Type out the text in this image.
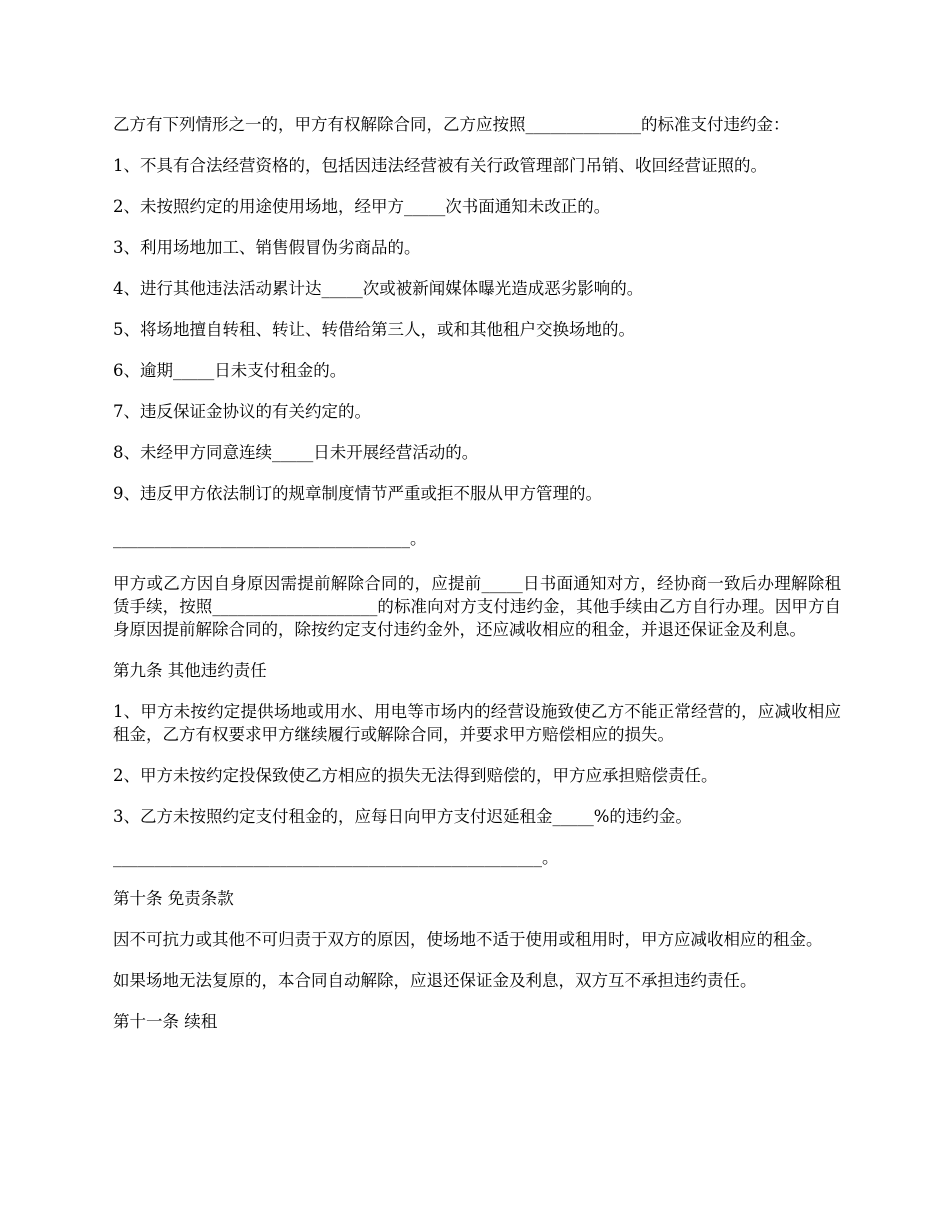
乙方有下列情形之一的，甲方有权解除合同，乙方应按照______________的标准支付违约金：

1、不具有合法经营资格的，包括因违法经营被有关行政管理部门吊销、收回经营证照的。

2、未按照约定的用途使用场地，经甲方_____次书面通知未改正的。

3、利用场地加工、销售假冒伪劣商品的。

4、进行其他违法活动累计达_____次或被新闻媒体曝光造成恶劣影响的。

5、将场地擅自转租、转让、转借给第三人，或和其他租户交换场地的。

6、逾期_____日未支付租金的。

7、违反保证金协议的有关约定的。

8、未经甲方同意连续_____日未开展经营活动的。

9、违反甲方依法制订的规章制度情节严重或拒不服从甲方管理的。

____________________________________。

甲方或乙方因自身原因需提前解除合同的，应提前_____日书面通知对方，经协商一致后办理解除租赁手续，按照____________________的标准向对方支付违约金，其他手续由乙方自行办理。因甲方自身原因提前解除合同的，除按约定支付违约金外，还应减收相应的租金，并退还保证金及利息。

第九条 其他违约责任

1、甲方未按约定提供场地或用水、用电等市场内的经营设施致使乙方不能正常经营的，应减收相应租金，乙方有权要求甲方继续履行或解除合同，并要求甲方赔偿相应的损失。

2、甲方未按约定投保致使乙方相应的损失无法得到赔偿的，甲方应承担赔偿责任。

3、乙方未按照约定支付租金的，应每日向甲方支付迟延租金_____%的违约金。

____________________________________________________。

第十条 免责条款

因不可抗力或其他不可归责于双方的原因，使场地不适于使用或租用时，甲方应减收相应的租金。

如果场地无法复原的，本合同自动解除，应退还保证金及利息，双方互不承担违约责任。

第十一条 续租
